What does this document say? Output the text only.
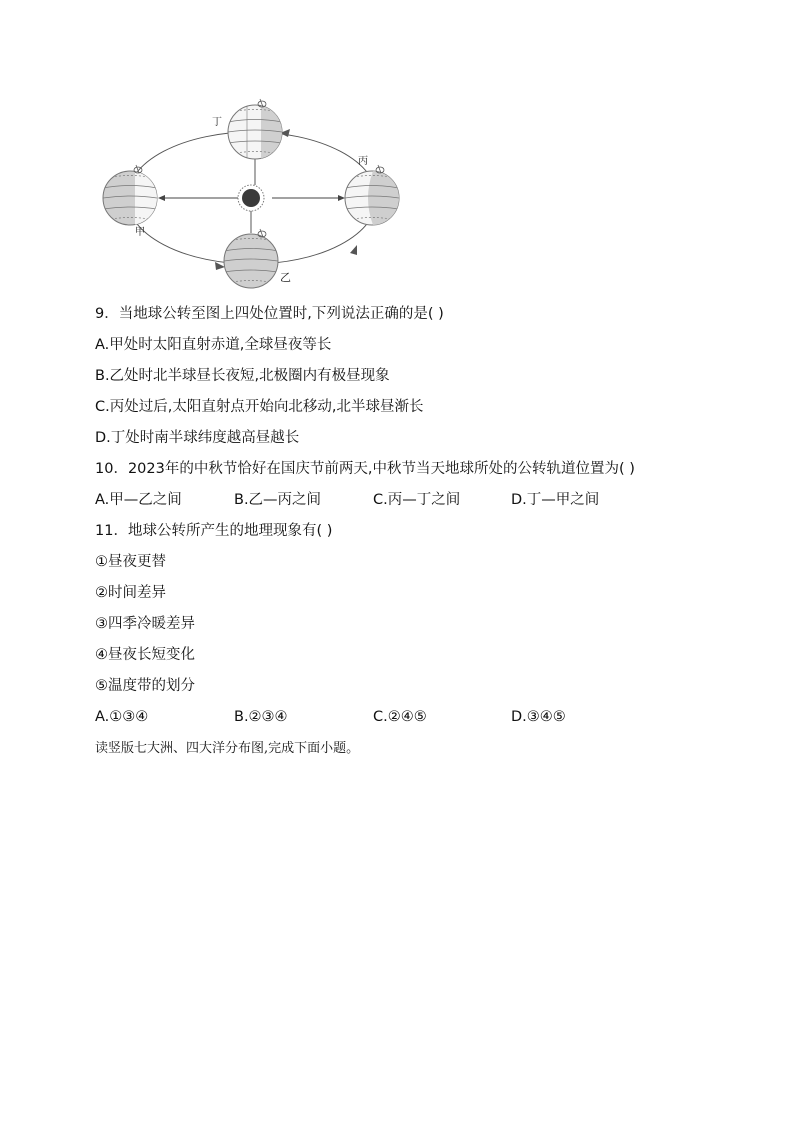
丁
甲
丙
乙
9．当地球公转至图上四处位置时,下列说法正确的是( )
A.甲处时太阳直射赤道,全球昼夜等长
B.乙处时北半球昼长夜短,北极圈内有极昼现象
C.丙处过后,太阳直射点开始向北移动,北半球昼渐长
D.丁处时南半球纬度越高昼越长
10．2023年的中秋节恰好在国庆节前两天,中秋节当天地球所处的公转轨道位置为( )
A.甲—乙之间	B.乙—丙之间	C.丙—丁之间	D.丁—甲之间
11．地球公转所产生的地理现象有( )
①昼夜更替
②时间差异
③四季冷暖差异
④昼夜长短变化
⑤温度带的划分
A.①③④	B.②③④	C.②④⑤	D.③④⑤
读竖版七大洲、四大洋分布图,完成下面小题。
